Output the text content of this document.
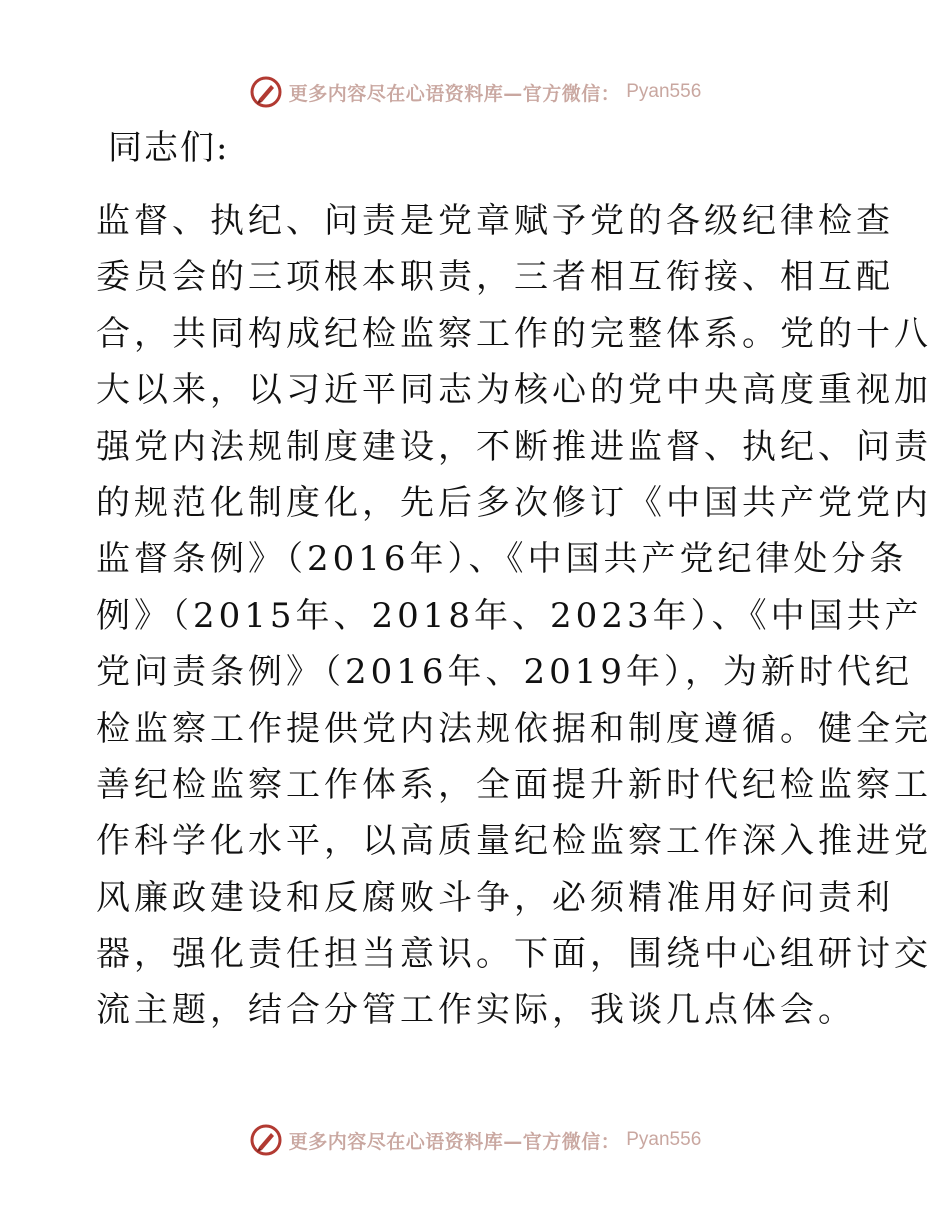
更多内容尽在心语资料库—官方微信： Pyan556

同志们:

监督、执纪、问责是党章赋予党的各级纪律检查
委员会的三项根本职责，三者相互衔接、相互配
合，共同构成纪检监察工作的完整体系。党的十八
大以来，以习近平同志为核心的党中央高度重视加
强党内法规制度建设，不断推进监督、执纪、问责
的规范化制度化，先后多次修订《中国共产党党内
监督条例》（2016年）、《中国共产党纪律处分条
例》（2015年、2018年、2023年）、《中国共产
党问责条例》（2016年、2019年），为新时代纪
检监察工作提供党内法规依据和制度遵循。健全完
善纪检监察工作体系，全面提升新时代纪检监察工
作科学化水平，以高质量纪检监察工作深入推进党
风廉政建设和反腐败斗争，必须精准用好问责利
器，强化责任担当意识。下面，围绕中心组研讨交
流主题，结合分管工作实际，我谈几点体会。
更多内容尽在心语资料库—官方微信： Pyan556
